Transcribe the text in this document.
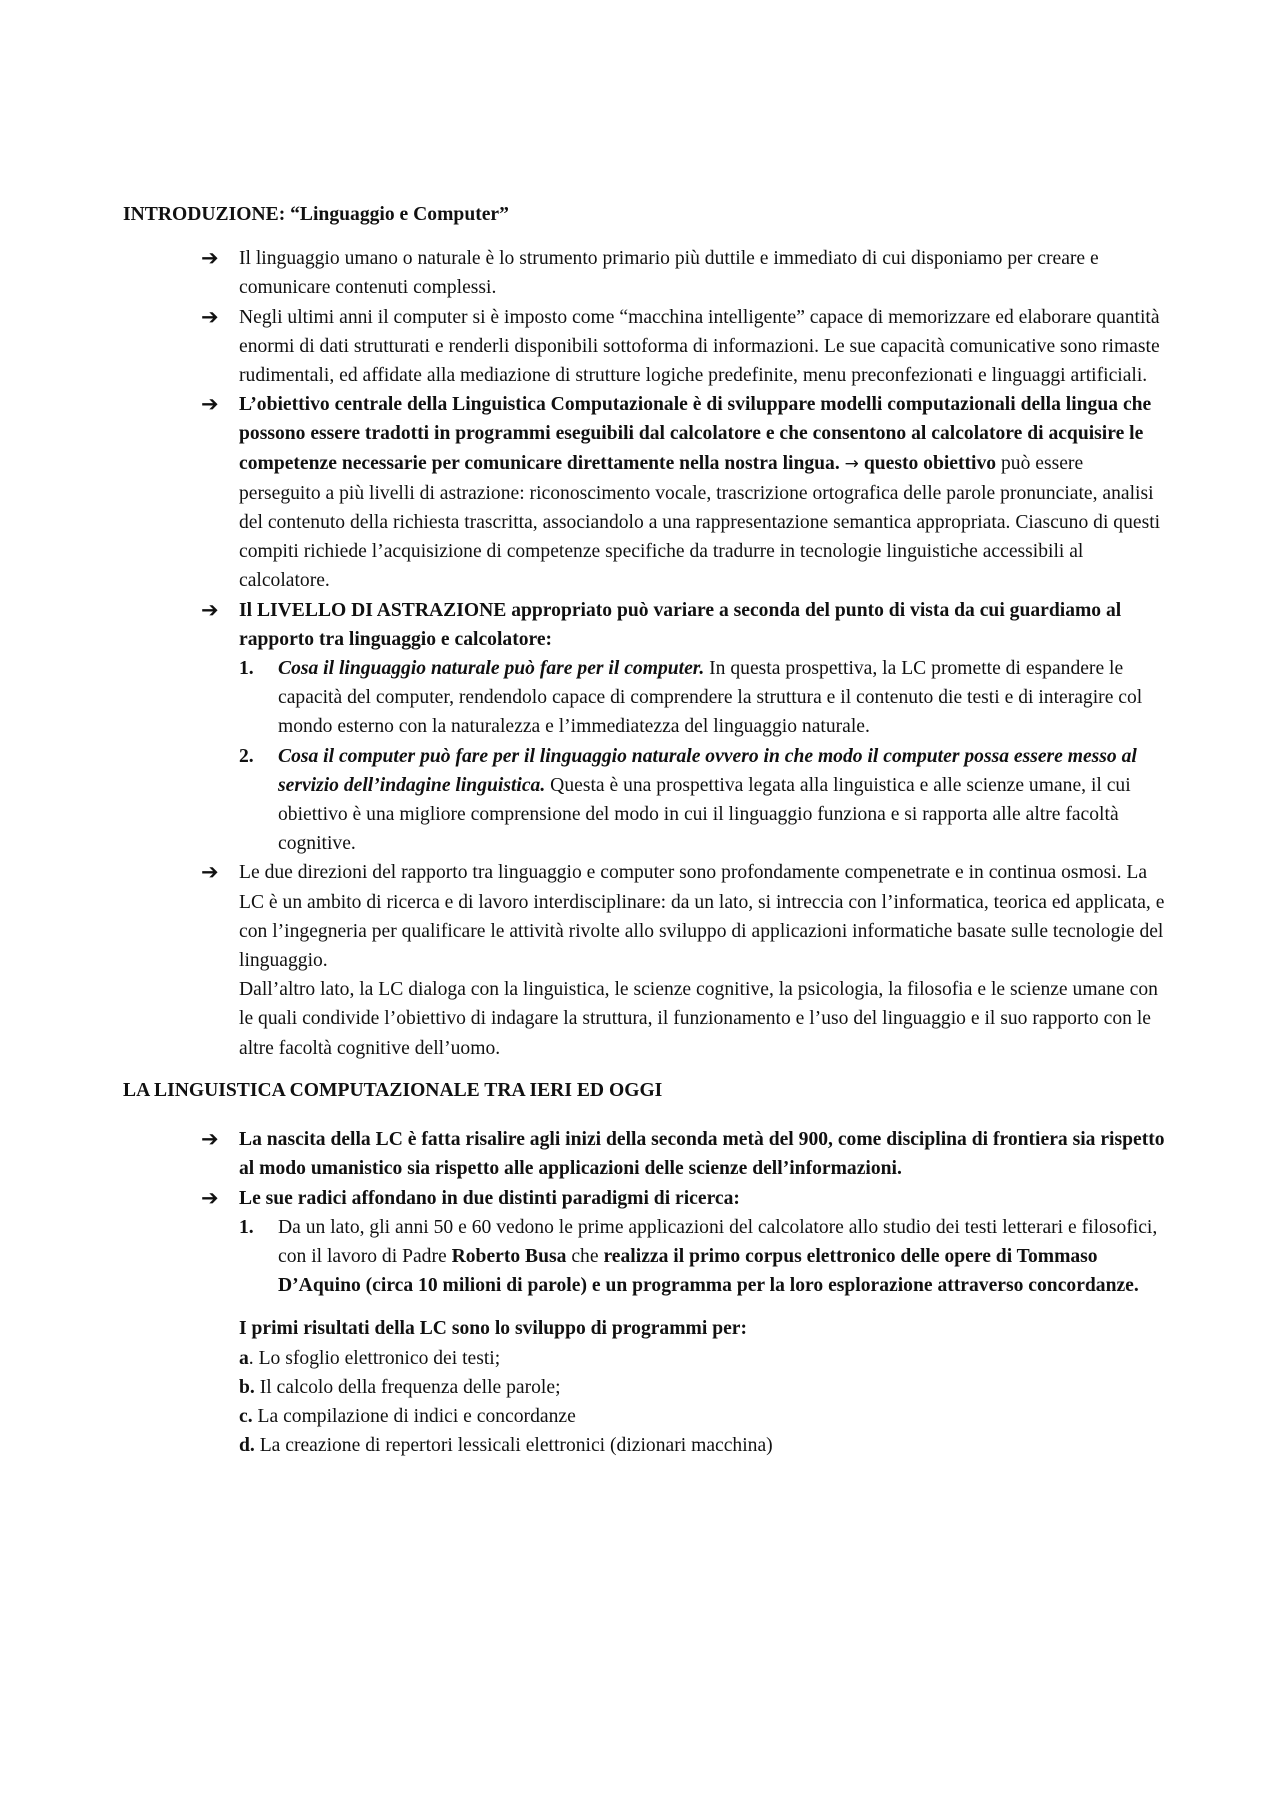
INTRODUZIONE: “Linguaggio e Computer”
➔	Il linguaggio umano o naturale è lo strumento primario più duttile e immediato di cui disponiamo per creare e comunicare contenuti complessi.
➔	Negli ultimi anni il computer si è imposto come “macchina intelligente” capace di memorizzare ed elaborare quantità enormi di dati strutturati e renderli disponibili sottoforma di informazioni. Le sue capacità comunicative sono rimaste rudimentali, ed affidate alla mediazione di strutture logiche predefinite, menu preconfezionati e linguaggi artificiali.
➔	L’obiettivo centrale della Linguistica Computazionale è di sviluppare modelli computazionali della lingua che possono essere tradotti in programmi eseguibili dal calcolatore e che consentono al calcolatore di acquisire le competenze necessarie per comunicare direttamente nella nostra lingua. → questo obiettivo può essere perseguito a più livelli di astrazione: riconoscimento vocale, trascrizione ortografica delle parole pronunciate, analisi del contenuto della richiesta trascritta, associandolo a una rappresentazione semantica appropriata. Ciascuno di questi compiti richiede l’acquisizione di competenze specifiche da tradurre in tecnologie linguistiche accessibili al calcolatore.
➔	Il LIVELLO DI ASTRAZIONE appropriato può variare a seconda del punto di vista da cui guardiamo al rapporto tra linguaggio e calcolatore:
1. Cosa il linguaggio naturale può fare per il computer. In questa prospettiva, la LC promette di espandere le capacità del computer, rendendolo capace di comprendere la struttura e il contenuto die testi e di interagire col mondo esterno con la naturalezza e l’immediatezza del linguaggio naturale.
2. Cosa il computer può fare per il linguaggio naturale ovvero in che modo il computer possa essere messo al servizio dell’indagine linguistica. Questa è una prospettiva legata alla linguistica e alle scienze umane, il cui obiettivo è una migliore comprensione del modo in cui il linguaggio funziona e si rapporta alle altre facoltà cognitive.
➔	Le due direzioni del rapporto tra linguaggio e computer sono profondamente compenetrate e in continua osmosi. La LC è un ambito di ricerca e di lavoro interdisciplinare: da un lato, si intreccia con l’informatica, teorica ed applicata, e con l’ingegneria per qualificare le attività rivolte allo sviluppo di applicazioni informatiche basate sulle tecnologie del linguaggio.
Dall’altro lato, la LC dialoga con la linguistica, le scienze cognitive, la psicologia, la filosofia e le scienze umane con le quali condivide l’obiettivo di indagare la struttura, il funzionamento e l’uso del linguaggio e il suo rapporto con le altre facoltà cognitive dell’uomo.
LA LINGUISTICA COMPUTAZIONALE TRA IERI ED OGGI
➔	La nascita della LC è fatta risalire agli inizi della seconda metà del 900, come disciplina di frontiera sia rispetto al modo umanistico sia rispetto alle applicazioni delle scienze dell’informazioni.
➔	Le sue radici affondano in due distinti paradigmi di ricerca:
1. Da un lato, gli anni 50 e 60 vedono le prime applicazioni del calcolatore allo studio dei testi letterari e filosofici, con il lavoro di Padre Roberto Busa che realizza il primo corpus elettronico delle opere di Tommaso D’Aquino (circa 10 milioni di parole) e un programma per la loro esplorazione attraverso concordanze.
I primi risultati della LC sono lo sviluppo di programmi per:
a. Lo sfoglio elettronico dei testi;
b. Il calcolo della frequenza delle parole;
c. La compilazione di indici e concordanze
d. La creazione di repertori lessicali elettronici (dizionari macchina)
